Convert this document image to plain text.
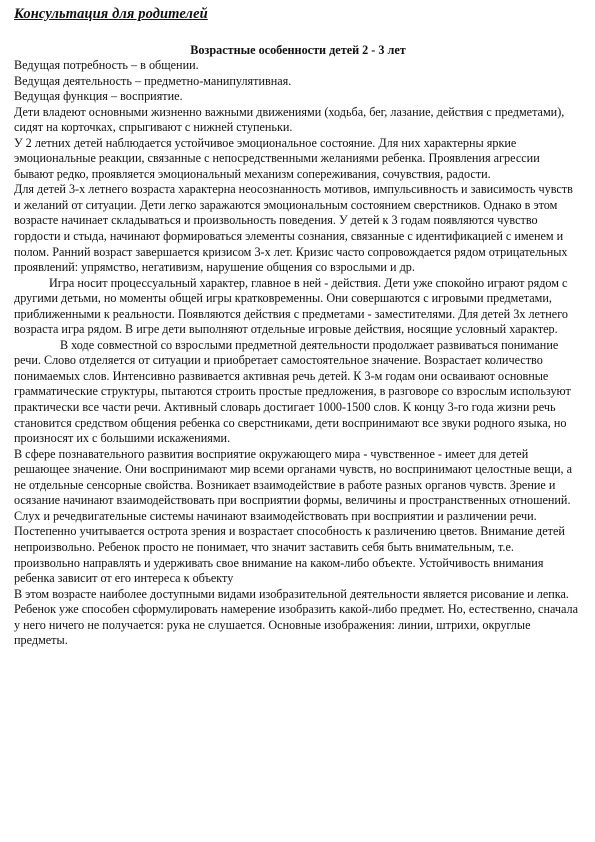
Консультация для родителей
Возрастные особенности детей 2 - 3 лет

Ведущая потребность – в общении.

Ведущая деятельность – предметно-манипулятивная.

Ведущая функция – восприятие.

Дети владеют основными жизненно важными движениями (ходьба, бег, лазание, действия с предметами), сидят на корточках, спрыгивают с нижней ступеньки.

У 2 летних детей наблюдается устойчивое эмоциональное состояние. Для них характерны яркие эмоциональные реакции, связанные с непосредственными желаниями ребенка. Проявления агрессии бывают редко, проявляется эмоциональный механизм сопереживания, сочувствия, радости.

Для детей 3-х летнего возраста характерна неосознанность мотивов, импульсивность и зависимость чувств и желаний от ситуации. Дети легко заражаются эмоциональным состоянием сверстников. Однако в этом возрасте начинает складываться и произвольность поведения. У детей к 3 годам появляются чувство гордости и стыда, начинают формироваться элементы сознания, связанные с идентификацией с именем и полом. Ранний возраст завершается кризисом 3-х лет. Кризис часто сопровождается рядом отрицательных проявлений: упрямство, негативизм, нарушение общения со взрослыми и др.

Игра носит процессуальный характер, главное в ней - действия. Дети уже спокойно играют рядом с другими детьми, но моменты общей игры кратковременны. Они совершаются с игровыми предметами, приближенными к реальности. Появляются действия с предметами - заместителями. Для детей 3х летнего возраста игра рядом. В игре дети выполняют отдельные игровые действия, носящие условный характер.

В ходе совместной со взрослыми предметной деятельности продолжает развиваться понимание речи. Слово отделяется от ситуации и приобретает самостоятельное значение. Возрастает количество понимаемых слов. Интенсивно развивается активная речь детей. К 3-м годам они осваивают основные грамматические структуры, пытаются строить простые предложения, в разговоре со взрослым используют практически все части речи. Активный словарь достигает 1000-1500 слов. К концу 3-го года жизни речь становится средством общения ребенка со сверстниками, дети воспринимают все звуки родного языка, но произносят их с большими искажениями.

В сфере познавательного развития восприятие окружающего мира - чувственное - имеет для детей решающее значение. Они воспринимают мир всеми органами чувств, но воспринимают целостные вещи, а не отдельные сенсорные свойства. Возникает взаимодействие в работе разных органов чувств. Зрение и осязание начинают взаимодействовать при восприятии формы, величины и пространственных отношений. Слух и речедвигательные системы начинают взаимодействовать при восприятии и различении речи. Постепенно учитывается острота зрения и возрастает способность к различению цветов. Внимание детей непроизвольно. Ребенок просто не понимает, что значит заставить себя быть внимательным, т.е. произвольно направлять и удерживать свое внимание на каком-либо объекте. Устойчивость внимания ребенка зависит от его интереса к объекту

В этом возрасте наиболее доступными видами изобразительной деятельности является рисование и лепка. Ребенок уже способен сформулировать намерение изобразить какой-либо предмет. Но, естественно, сначала у него ничего не получается: рука не слушается. Основные изображения: линии, штрихи, округлые предметы.
